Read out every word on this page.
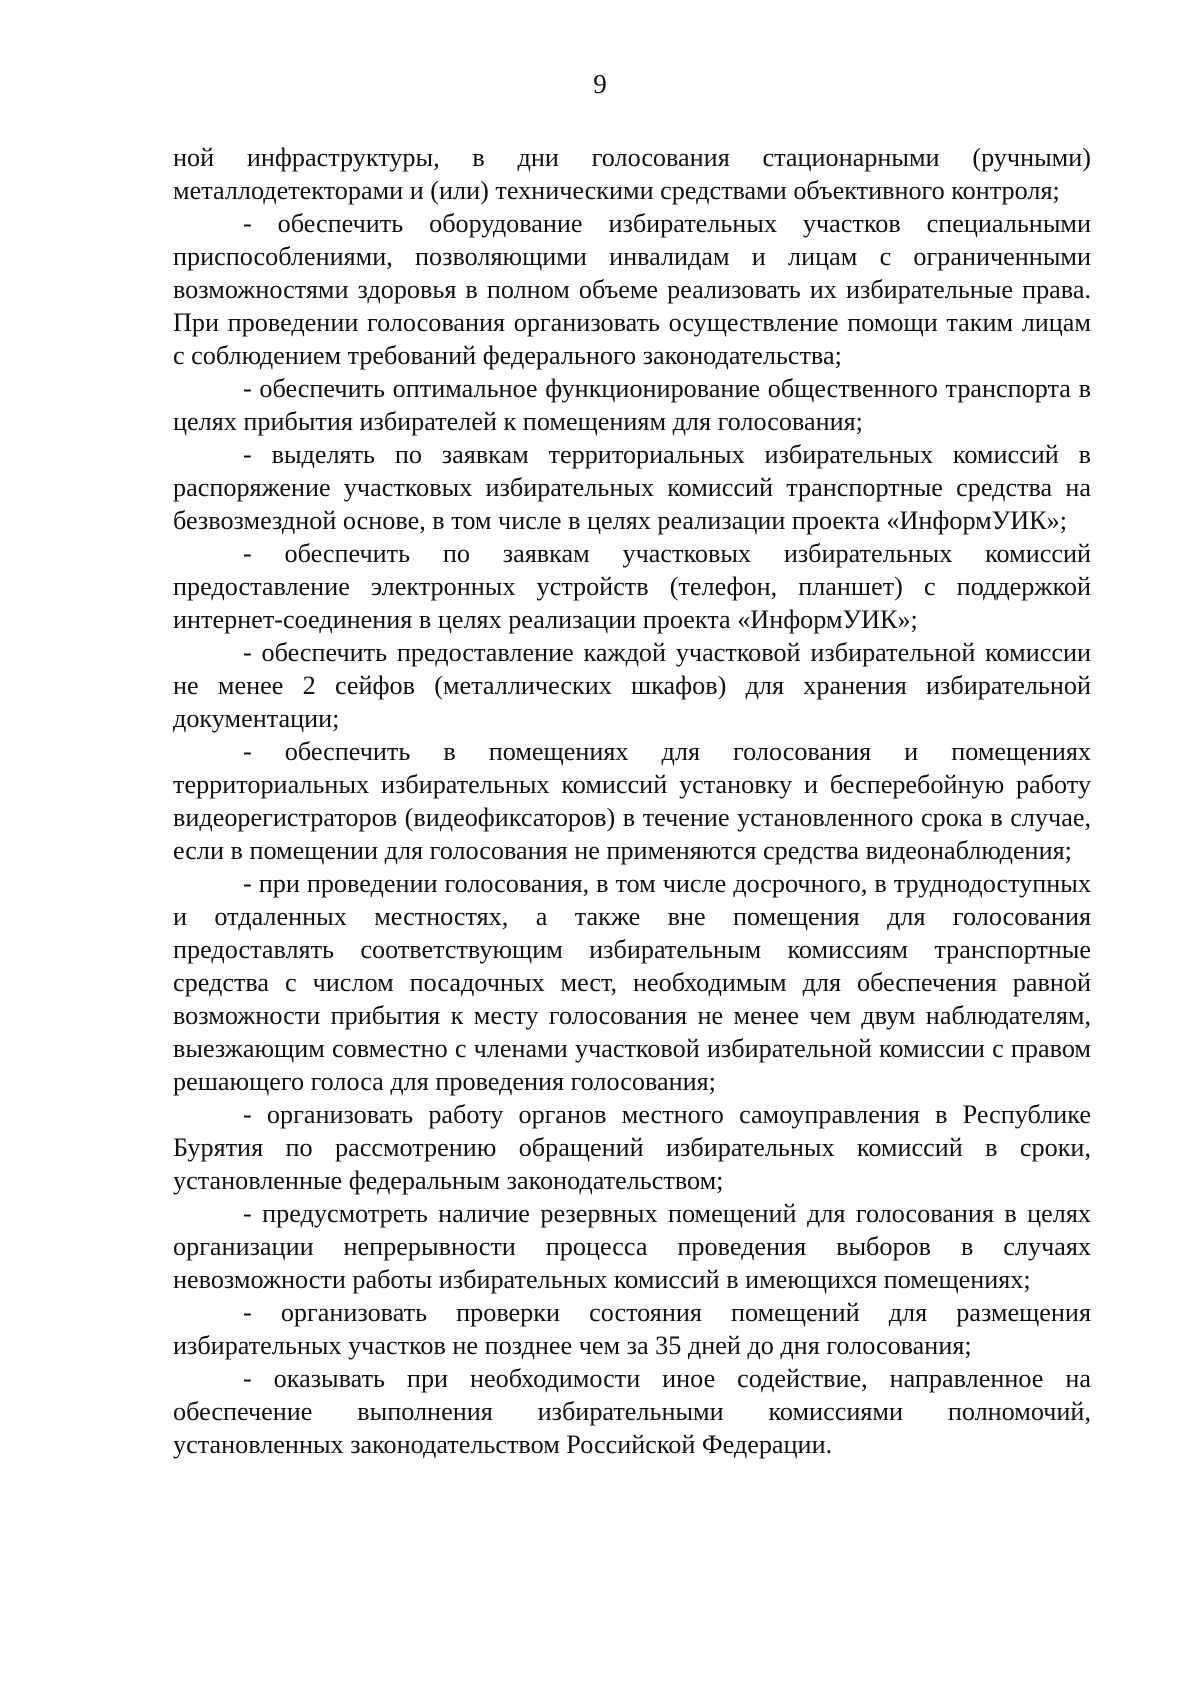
9

ной инфраструктуры, в дни голосования стационарными (ручными) металлодетекторами и (или) техническими средствами объективного контроля;

- обеспечить оборудование избирательных участков специальными приспособлениями, позволяющими инвалидам и лицам с ограниченными возможностями здоровья в полном объеме реализовать их избирательные права. При проведении голосования организовать осуществление помощи таким лицам с соблюдением требований федерального законодательства;

- обеспечить оптимальное функционирование общественного транспорта в целях прибытия избирателей к помещениям для голосования;

- выделять по заявкам территориальных избирательных комиссий в распоряжение участковых избирательных комиссий транспортные средства на безвозмездной основе, в том числе в целях реализации проекта «ИнформУИК»;

- обеспечить по заявкам участковых избирательных комиссий предоставление электронных устройств (телефон, планшет) с поддержкой интернет-соединения в целях реализации проекта «ИнформУИК»;

- обеспечить предоставление каждой участковой избирательной комиссии не менее 2 сейфов (металлических шкафов) для хранения избирательной документации;

- обеспечить в помещениях для голосования и помещениях территориальных избирательных комиссий установку и бесперебойную работу видеорегистраторов (видеофиксаторов) в течение установленного срока в случае, если в помещении для голосования не применяются средства видеонаблюдения;

- при проведении голосования, в том числе досрочного, в труднодоступных и отдаленных местностях, а также вне помещения для голосования предоставлять соответствующим избирательным комиссиям транспортные средства с числом посадочных мест, необходимым для обеспечения равной возможности прибытия к месту голосования не менее чем двум наблюдателям, выезжающим совместно с членами участковой избирательной комиссии с правом решающего голоса для проведения голосования;

- организовать работу органов местного самоуправления в Республике Бурятия по рассмотрению обращений избирательных комиссий в сроки, установленные федеральным законодательством;

- предусмотреть наличие резервных помещений для голосования в целях организации непрерывности процесса проведения выборов в случаях невозможности работы избирательных комиссий в имеющихся помещениях;

- организовать проверки состояния помещений для размещения избирательных участков не позднее чем за 35 дней до дня голосования;

- оказывать при необходимости иное содействие, направленное на обеспечение выполнения избирательными комиссиями полномочий, установленных законодательством Российской Федерации.
